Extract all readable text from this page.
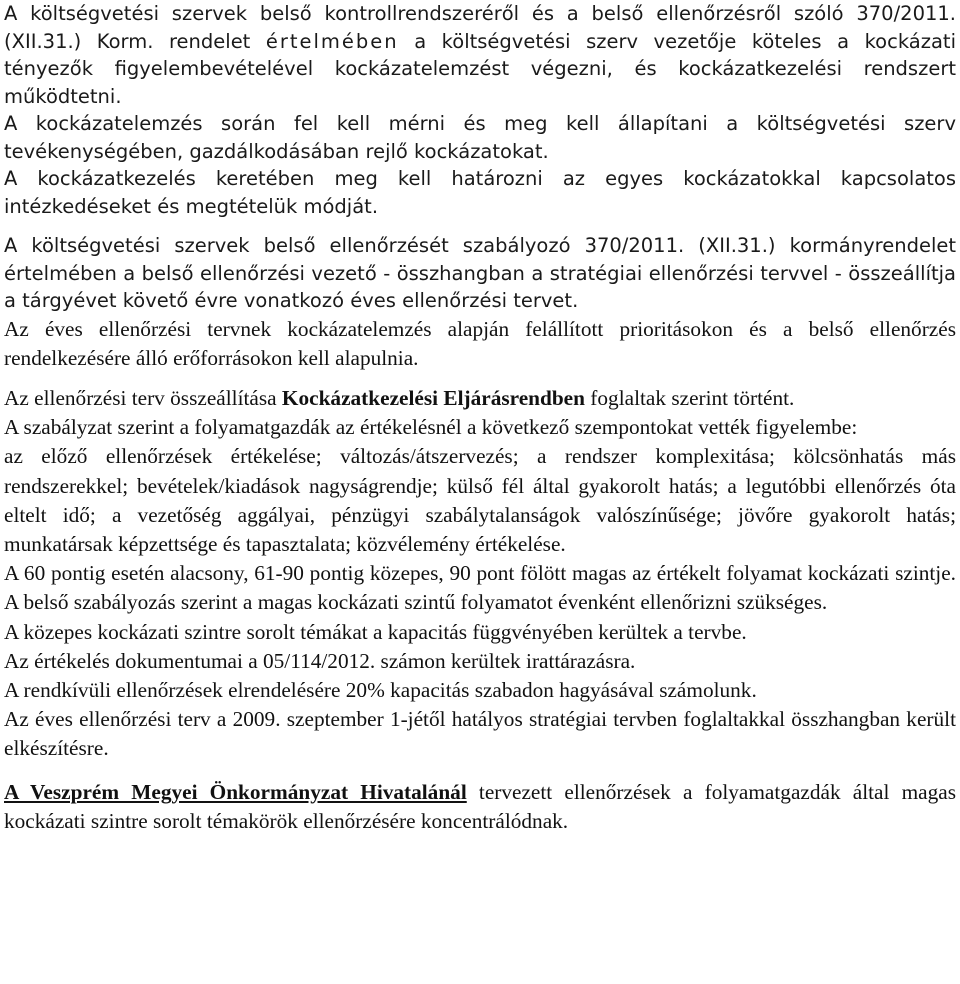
A költségvetési szervek belső kontrollrendszeréről és a belső ellenőrzésről szóló 370/2011. (XII.31.) Korm. rendelet értelmében a költségvetési szerv vezetője köteles a kockázati tényezők figyelembevételével kockázatelemzést végezni, és kockázatkezelési rendszert működtetni.

A kockázatelemzés során fel kell mérni és meg kell állapítani a költségvetési szerv tevékenységében, gazdálkodásában rejlő kockázatokat.

A kockázatkezelés keretében meg kell határozni az egyes kockázatokkal kapcsolatos intézkedéseket és megtételük módját.

A költségvetési szervek belső ellenőrzését szabályozó 370/2011. (XII.31.) kormányrendelet értelmében a belső ellenőrzési vezető - összhangban a stratégiai ellenőrzési tervvel - összeállítja a tárgyévet követő évre vonatkozó éves ellenőrzési tervet.

Az éves ellenőrzési tervnek kockázatelemzés alapján felállított prioritásokon és a belső ellenőrzés rendelkezésére álló erőforrásokon kell alapulnia.

Az ellenőrzési terv összeállítása Kockázatkezelési Eljárásrendben foglaltak szerint történt.

A szabályzat szerint a folyamatgazdák az értékelésnél a következő szempontokat vették figyelembe:

az előző ellenőrzések értékelése; változás/átszervezés; a rendszer komplexitása; kölcsönhatás más rendszerekkel; bevételek/kiadások nagyságrendje; külső fél által gyakorolt hatás; a legutóbbi ellenőrzés óta eltelt idő; a vezetőség aggályai, pénzügyi szabálytalanságok valószínűsége; jövőre gyakorolt hatás; munkatársak képzettsége és tapasztalata; közvélemény értékelése.

A 60 pontig esetén alacsony, 61-90 pontig közepes, 90 pont fölött magas az értékelt folyamat kockázati szintje. A belső szabályozás szerint a magas kockázati szintű folyamatot évenként ellenőrizni szükséges.

A közepes kockázati szintre sorolt témákat a kapacitás függvényében kerültek a tervbe.

Az értékelés dokumentumai a 05/114/2012. számon kerültek irattárazásra.

A rendkívüli ellenőrzések elrendelésére 20% kapacitás szabadon hagyásával számolunk.

Az éves ellenőrzési terv a 2009. szeptember 1-jétől hatályos stratégiai tervben foglaltakkal összhangban került elkészítésre.

A Veszprém Megyei Önkormányzat Hivatalánál tervezett ellenőrzések a folyamatgazdák által magas kockázati szintre sorolt témakörök ellenőrzésére koncentrálódnak.
